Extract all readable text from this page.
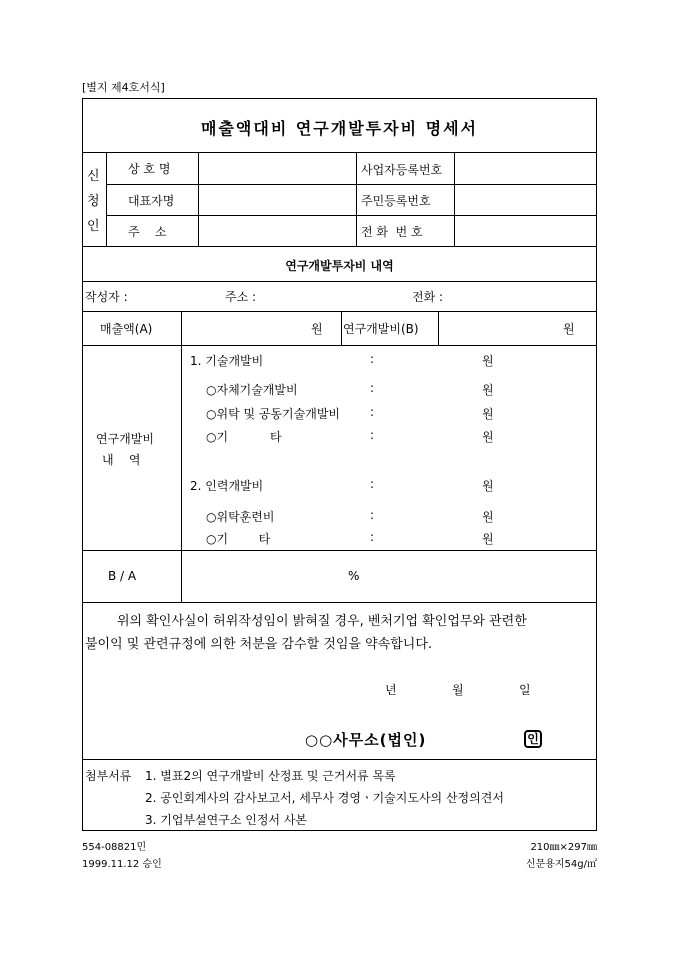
[별지 제4호서식]
매출액대비 연구개발투자비 명세서
신
청
인
상 호 명	사업자등록번호
대표자명	주민등록번호
주    소	전 화  번 호
연구개발투자비 내역
작성자 :	주소 :	전화 :
매출액(A)	원 연구개발비(B)	원
연구개발비
내    역
1. 기술개발비	:	원
○자체기술개발비	:	원
○위탁 및 공동기술개발비 :	원
○기           타	:	원
2. 인력개발비	:	원
○위탁훈련비	:	원
○기        타	:	원
B / A	%
위의 확인사실이 허위작성임이 밝혀질 경우, 벤처기업 확인업무와 관련한
불이익 및 관련규정에 의한 처분을 감수할 것임을 약속합니다.
년	월	일
○○사무소(법인)	인
첨부서류 1. 별표2의 연구개발비 산정표 및 근거서류 목록
2. 공인회계사의 감사보고서, 세무사 경영ㆍ기술지도사의 산정의견서
3. 기업부설연구소 인정서 사본
554-08821민
1999.11.12 승인
210㎜×297㎜
신문용지54g/㎡
